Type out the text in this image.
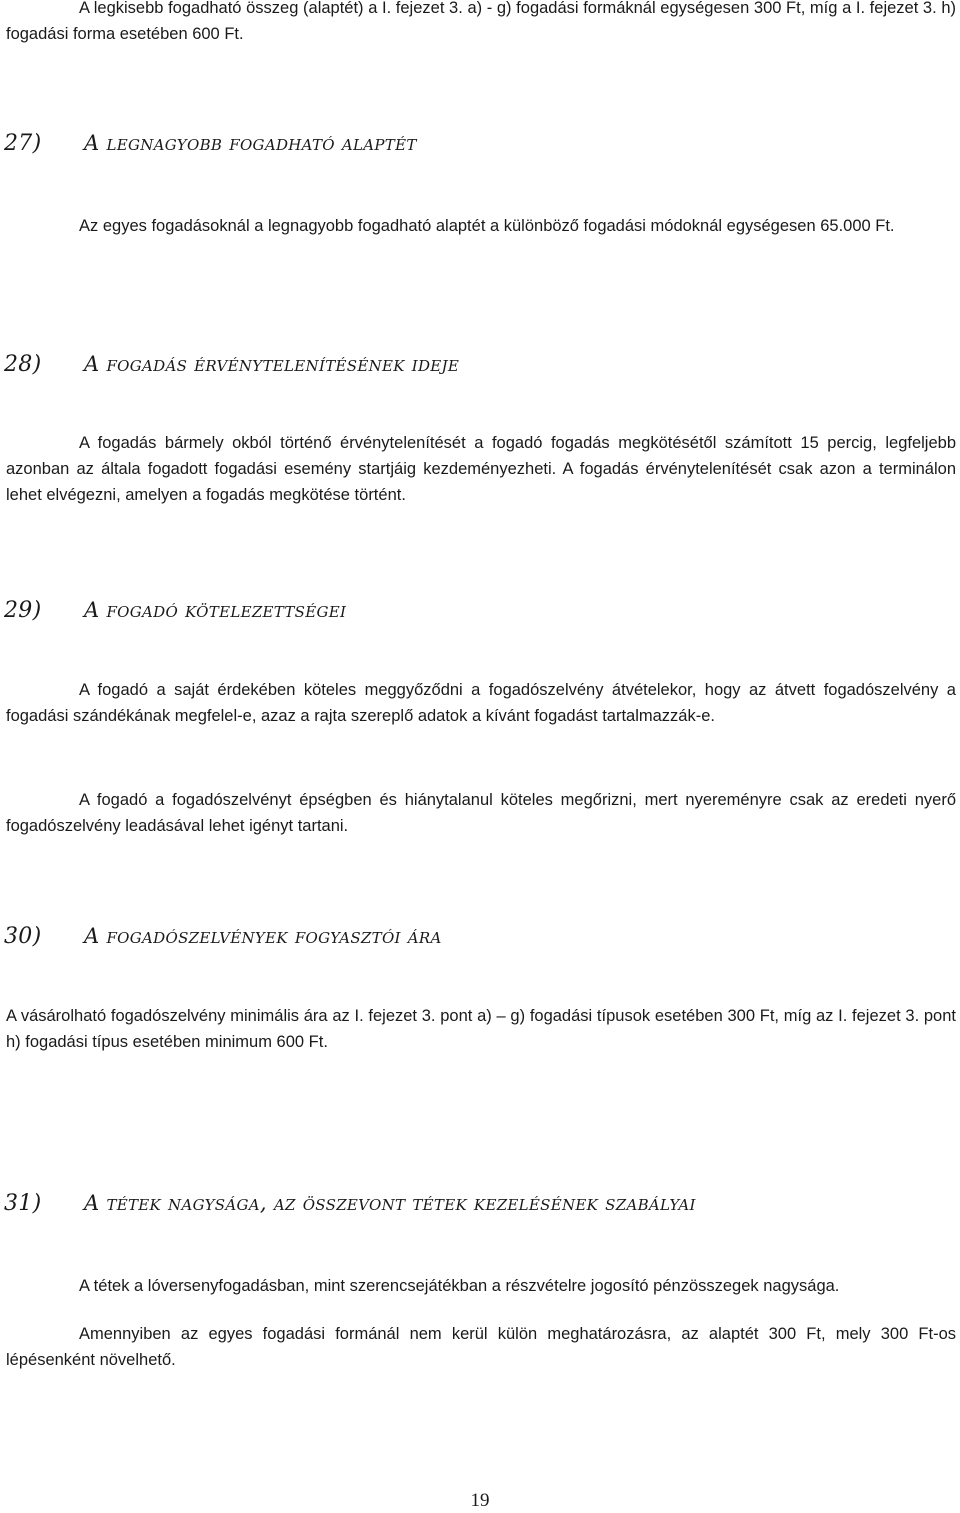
A legkisebb fogadható összeg (alaptét) a I. fejezet 3. a) - g) fogadási formáknál egységesen 300 Ft, míg a I. fejezet 3. h) fogadási forma esetében 600 Ft.

27) A legnagyobb fogadható alaptét

Az egyes fogadásoknál a legnagyobb fogadható alaptét a különböző fogadási módoknál egységesen 65.000 Ft.

28) A fogadás érvénytelenítésének ideje

A fogadás bármely okból történő érvénytelenítését a fogadó fogadás megkötésétől számított 15 percig, legfeljebb azonban az általa fogadott fogadási esemény startjáig kezdeményezheti. A fogadás érvénytelenítését csak azon a terminálon lehet elvégezni, amelyen a fogadás megkötése történt.

29) A fogadó kötelezettségei

A fogadó a saját érdekében köteles meggyőződni a fogadószelvény átvételekor, hogy az átvett fogadószelvény a fogadási szándékának megfelel-e, azaz a rajta szereplő adatok a kívánt fogadást tartalmazzák-e.

A fogadó a fogadószelvényt épségben és hiánytalanul köteles megőrizni, mert nyereményre csak az eredeti nyerő fogadószelvény leadásával lehet igényt tartani.

30) A fogadószelvények fogyasztói ára

A vásárolható fogadószelvény minimális ára az I. fejezet 3. pont a) – g) fogadási típusok esetében 300 Ft, míg az I. fejezet 3. pont h) fogadási típus esetében minimum 600 Ft.

31) A tétek nagysága, az összevont tétek kezelésének szabályai

A tétek a lóversenyfogadásban, mint szerencsejátékban a részvételre jogosító pénzösszegek nagysága.

Amennyiben az egyes fogadási formánál nem kerül külön meghatározásra, az alaptét 300 Ft, mely 300 Ft-os lépésenként növelhető.

19
